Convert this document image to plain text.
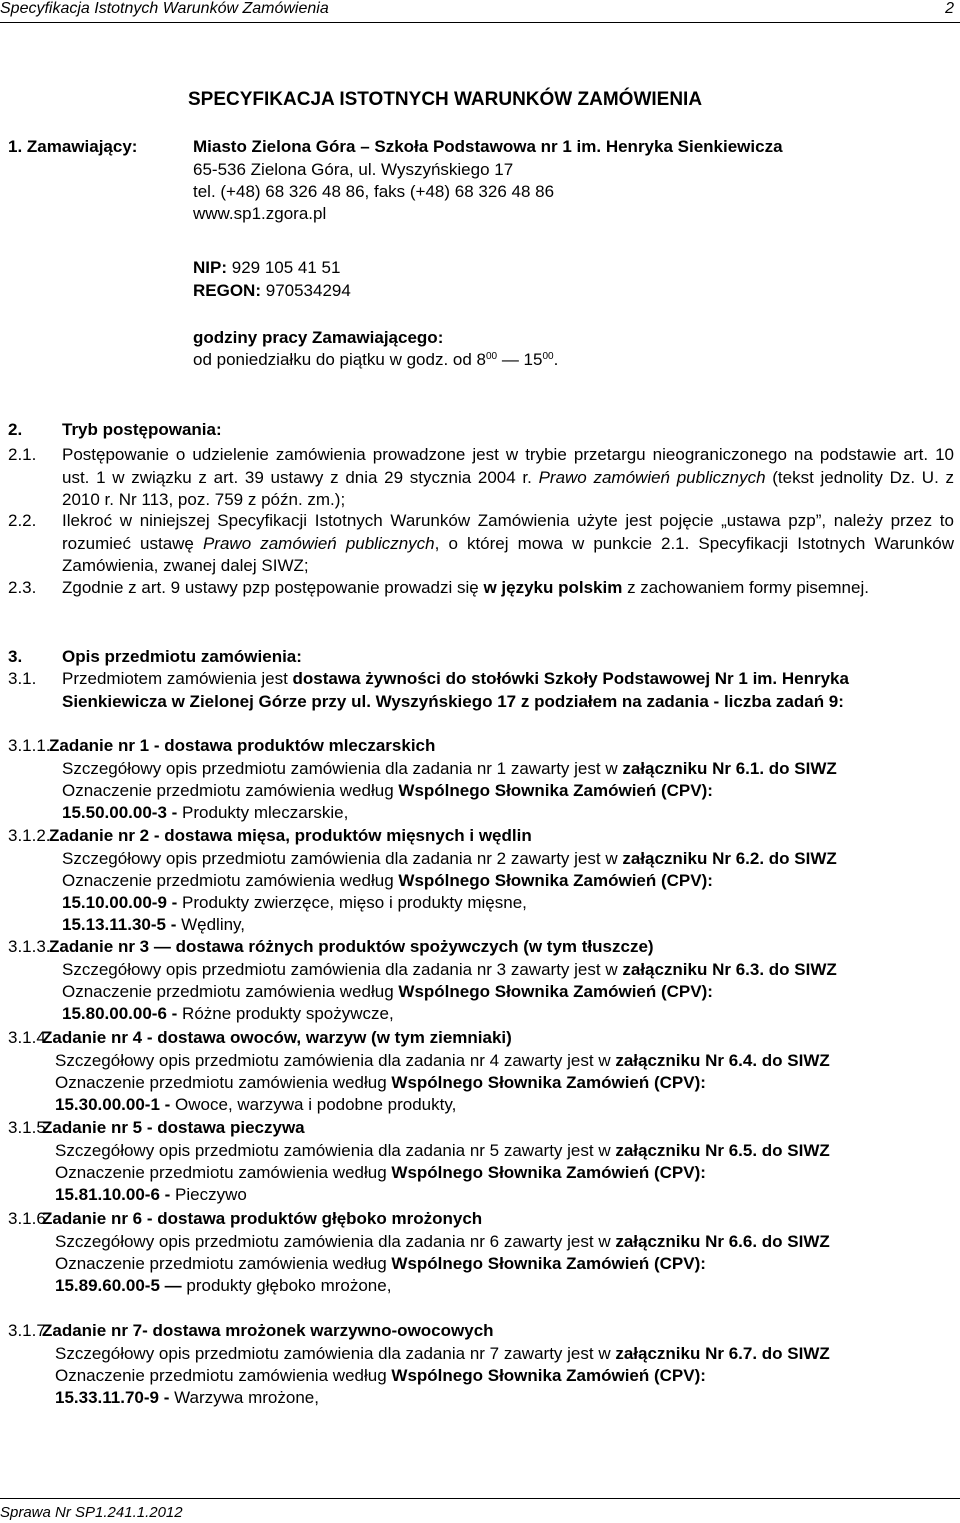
Specyfikacja Istotnych Warunków Zamówienia	2
SPECYFIKACJA ISTOTNYCH WARUNKÓW ZAMÓWIENIA
1. Zamawiający:	Miasto Zielona Góra – Szkoła Podstawowa nr 1 im. Henryka Sienkiewicza
65-536 Zielona Góra, ul. Wyszyńskiego 17
tel. (+48) 68 326 48 86, faks (+48) 68 326 48 86
www.sp1.zgora.pl
NIP: 929 105 41 51
REGON: 970534294
godziny pracy Zamawiającego:
od poniedziałku do piątku w godz. od $8^{00}$ — $15^{00}$.
2. Tryb postępowania:
2.1. Postępowanie o udzielenie zamówienia prowadzone jest w trybie przetargu nieograniczonego na podstawie art. 10 ust. 1 w związku z art. 39 ustawy z dnia 29 stycznia 2004 r. Prawo zamówień publicznych (tekst jednolity Dz. U. z 2010 r. Nr 113, poz. 759 z późn. zm.);
2.2. Ilekroć w niniejszej Specyfikacji Istotnych Warunków Zamówienia użyte jest pojęcie „ustawa pzp”, należy przez to rozumieć ustawę Prawo zamówień publicznych, o której mowa w punkcie 2.1. Specyfikacji Istotnych Warunków Zamówienia, zwanej dalej SIWZ;
2.3. Zgodnie z art. 9 ustawy pzp postępowanie prowadzi się w języku polskim z zachowaniem formy pisemnej.
3. Opis przedmiotu zamówienia:
3.1. Przedmiotem zamówienia jest dostawa żywności do stołówki Szkoły Podstawowej Nr 1 im. Henryka Sienkiewicza w Zielonej Górze przy ul. Wyszyńskiego 17 z podziałem na zadania - liczba zadań 9:
3.1.1.
Zadanie nr 1 - dostawa produktów mleczarskich
Szczegółowy opis przedmiotu zamówienia dla zadania nr 1 zawarty jest w załączniku Nr 6.1. do SIWZ
Oznaczenie przedmiotu zamówienia według Wspólnego Słownika Zamówień (CPV):
15.50.00.00-3 - Produkty mleczarskie,
3.1.2.
Zadanie nr 2 - dostawa mięsa, produktów mięsnych i wędlin
Szczegółowy opis przedmiotu zamówienia dla zadania nr 2 zawarty jest w załączniku Nr 6.2. do SIWZ
Oznaczenie przedmiotu zamówienia według Wspólnego Słownika Zamówień (CPV):
15.10.00.00-9 - Produkty zwierzęce, mięso i produkty mięsne,
15.13.11.30-5 - Wędliny,
3.1.3.
Zadanie nr 3 — dostawa różnych produktów spożywczych (w tym tłuszcze)
Szczegółowy opis przedmiotu zamówienia dla zadania nr 3 zawarty jest w załączniku Nr 6.3. do SIWZ
Oznaczenie przedmiotu zamówienia według Wspólnego Słownika Zamówień (CPV):
15.80.00.00-6 - Różne produkty spożywcze,
3.1.4.
Zadanie nr 4 - dostawa owoców, warzyw (w tym ziemniaki)
Szczegółowy opis przedmiotu zamówienia dla zadania nr 4 zawarty jest w załączniku Nr 6.4. do SIWZ
Oznaczenie przedmiotu zamówienia według Wspólnego Słownika Zamówień (CPV):
15.30.00.00-1 - Owoce, warzywa i podobne produkty,
3.1.5.
Zadanie nr 5 - dostawa pieczywa
Szczegółowy opis przedmiotu zamówienia dla zadania nr 5 zawarty jest w załączniku Nr 6.5. do SIWZ
Oznaczenie przedmiotu zamówienia według Wspólnego Słownika Zamówień (CPV):
15.81.10.00-6 - Pieczywo
3.1.6.
Zadanie nr 6 - dostawa produktów głęboko mrożonych
Szczegółowy opis przedmiotu zamówienia dla zadania nr 6 zawarty jest w załączniku Nr 6.6. do SIWZ
Oznaczenie przedmiotu zamówienia według Wspólnego Słownika Zamówień (CPV):
15.89.60.00-5 — produkty głęboko mrożone,
3.1.7.
Zadanie nr 7- dostawa mrożonek warzywno-owocowych
Szczegółowy opis przedmiotu zamówienia dla zadania nr 7 zawarty jest w załączniku Nr 6.7. do SIWZ
Oznaczenie przedmiotu zamówienia według Wspólnego Słownika Zamówień (CPV):
15.33.11.70-9 - Warzywa mrożone,
Sprawa Nr SP1.241.1.2012
